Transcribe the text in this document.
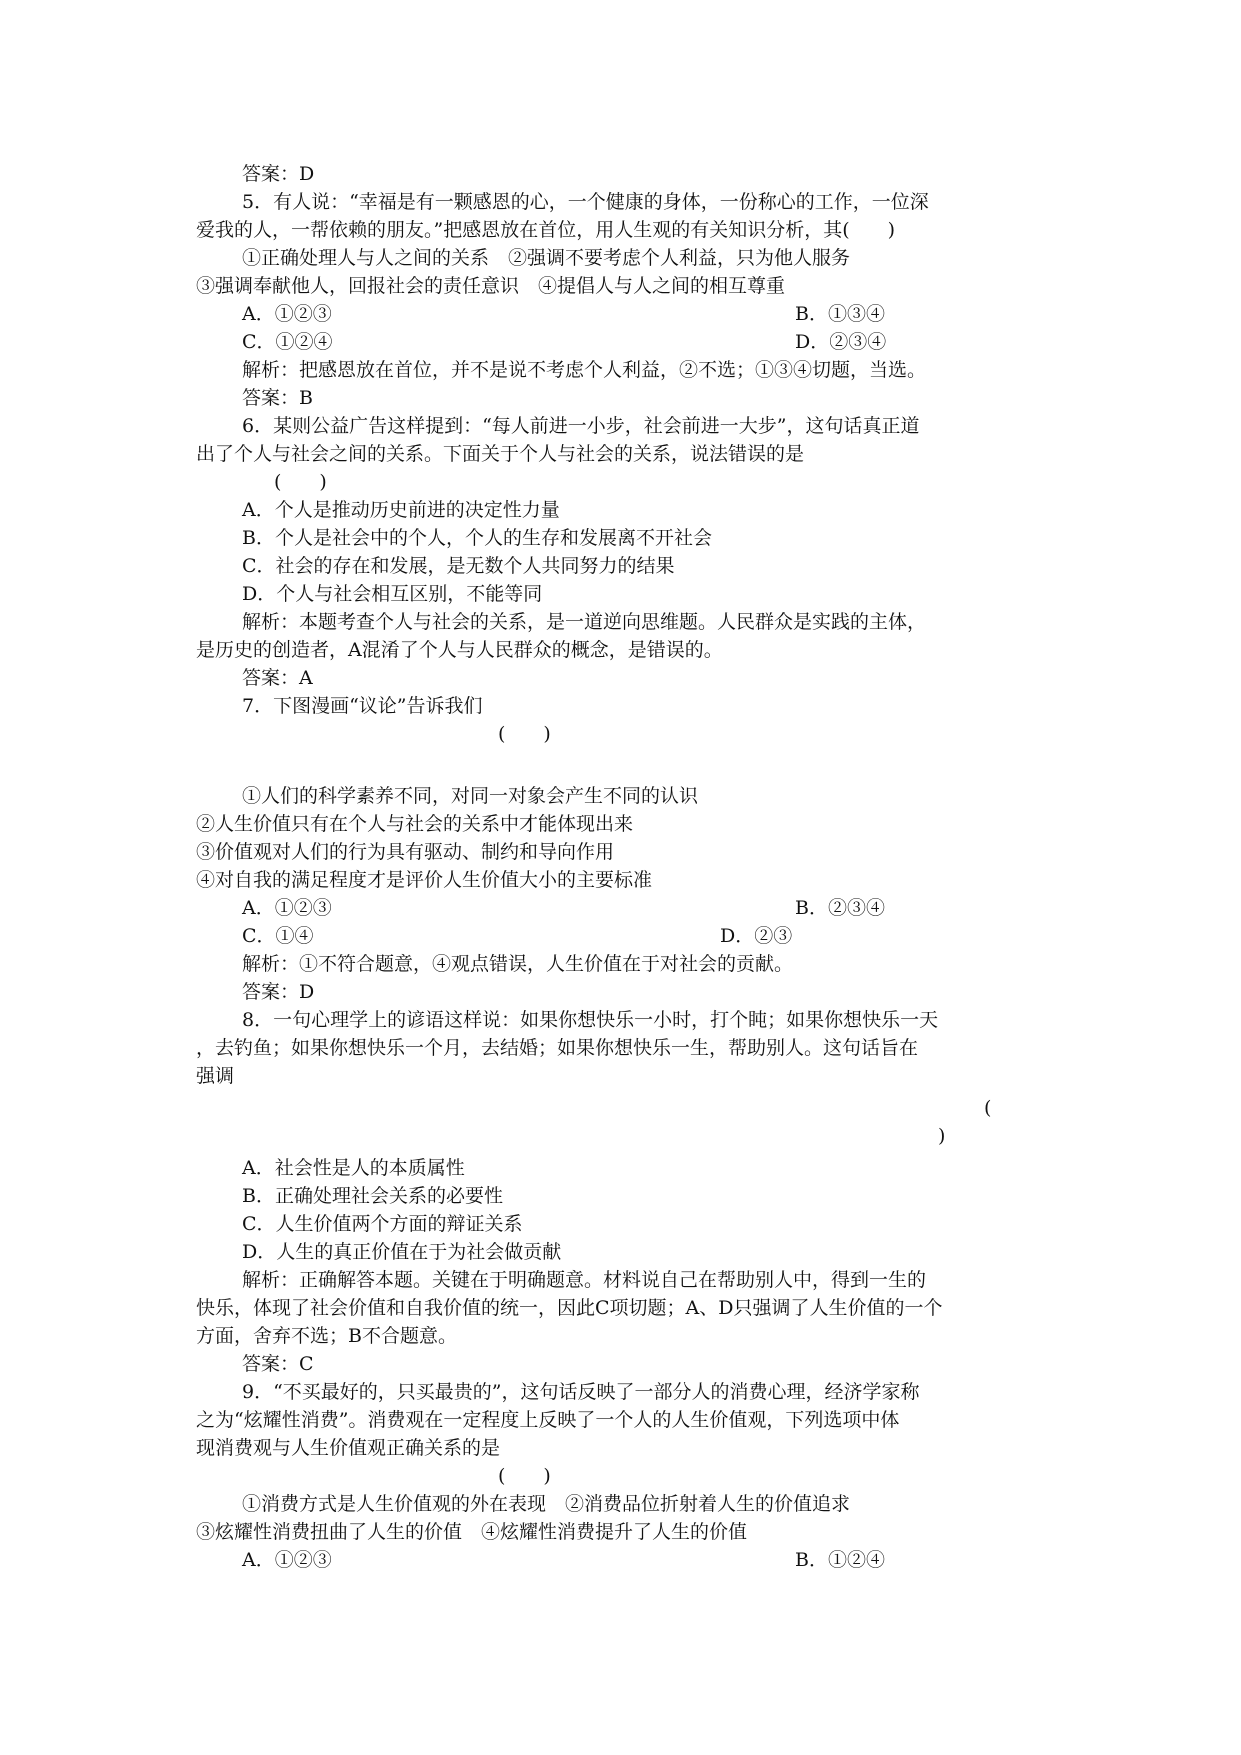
答案：D
5．有人说：“幸福是有一颗感恩的心，一个健康的身体，一份称心的工作，一位深
爱我的人，一帮依赖的朋友。”把感恩放在首位，用人生观的有关知识分析，其(　　)
①正确处理人与人之间的关系　②强调不要考虑个人利益，只为他人服务
③强调奉献他人，回报社会的责任意识　④提倡人与人之间的相互尊重
A．①②③	B．①③④
C．①②④	D．②③④
解析：把感恩放在首位，并不是说不考虑个人利益，②不选；①③④切题，当选。
答案：B
6．某则公益广告这样提到：“每人前进一小步，社会前进一大步”，这句话真正道
出了个人与社会之间的关系。下面关于个人与社会的关系，说法错误的是
(　　)
A．个人是推动历史前进的决定性力量
B．个人是社会中的个人，个人的生存和发展离不开社会
C．社会的存在和发展，是无数个人共同努力的结果
D．个人与社会相互区别，不能等同
解析：本题考查个人与社会的关系，是一道逆向思维题。人民群众是实践的主体，
是历史的创造者，A混淆了个人与人民群众的概念，是错误的。
答案：A
7．下图漫画“议论”告诉我们
(　　)
①人们的科学素养不同，对同一对象会产生不同的认识
②人生价值只有在个人与社会的关系中才能体现出来
③价值观对人们的行为具有驱动、制约和导向作用
④对自我的满足程度才是评价人生价值大小的主要标准
A．①②③	B．②③④
C．①④	D．②③
解析：①不符合题意，④观点错误，人生价值在于对社会的贡献。
答案：D
8．一句心理学上的谚语这样说：如果你想快乐一小时，打个盹；如果你想快乐一天
，去钓鱼；如果你想快乐一个月，去结婚；如果你想快乐一生，帮助别人。这句话旨在
强调
(
)
A．社会性是人的本质属性
B．正确处理社会关系的必要性
C．人生价值两个方面的辩证关系
D．人生的真正价值在于为社会做贡献
解析：正确解答本题。关键在于明确题意。材料说自己在帮助别人中，得到一生的
快乐，体现了社会价值和自我价值的统一，因此C项切题；A、D只强调了人生价值的一个
方面，舍弃不选；B不合题意。
答案：C
9．“不买最好的，只买最贵的”，这句话反映了一部分人的消费心理，经济学家称
之为“炫耀性消费”。消费观在一定程度上反映了一个人的人生价值观，下列选项中体
现消费观与人生价值观正确关系的是
(　　)
①消费方式是人生价值观的外在表现　②消费品位折射着人生的价值追求
③炫耀性消费扭曲了人生的价值　④炫耀性消费提升了人生的价值
A．①②③	B．①②④
